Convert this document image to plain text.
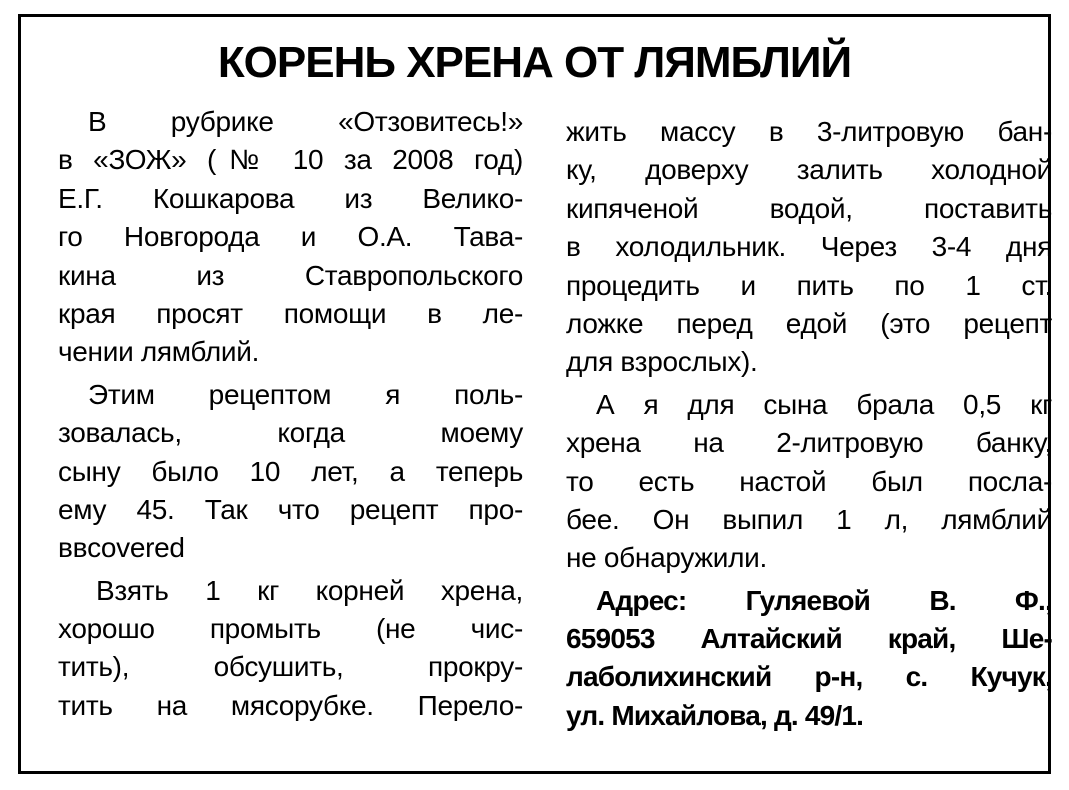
КОРЕНЬ ХРЕНА ОТ ЛЯМБЛИЙ
В рубрике «Отзовитесь!»
в «ЗОЖ» (№ 10 за 2008 год)
Е.Г. Кошкарова из Велико-
го Новгорода и О.А. Тава-
кина из Ставропольского
края просят помощи в ле-
чении лямблий.
Этим рецептом я поль-
зовалась, когда моему
сыну было 10 лет, а теперь
ему 45. Так что рецепт про-
ввcovered
Взять 1 кг корней хрена,
хорошо промыть (не чис-
тить), обсушить, прокру-
тить на мясорубке. Перело-
жить массу в 3-литровую бан-
ку, доверху залить холодной
кипяченой водой, поставить
в холодильник. Через 3-4 дня
процедить и пить по 1 ст.
ложке перед едой (это рецепт
для взрослых).
А я для сына брала 0,5 кг
хрена на 2-литровую банку,
то есть настой был посла-
бее. Он выпил 1 л, лямблий
не обнаружили.
Адрес: Гуляевой В. Ф.,
659053 Алтайский край, Ше-
лаболихинский р-н, с. Кучук,
ул. Михайлова, д. 49/1.
